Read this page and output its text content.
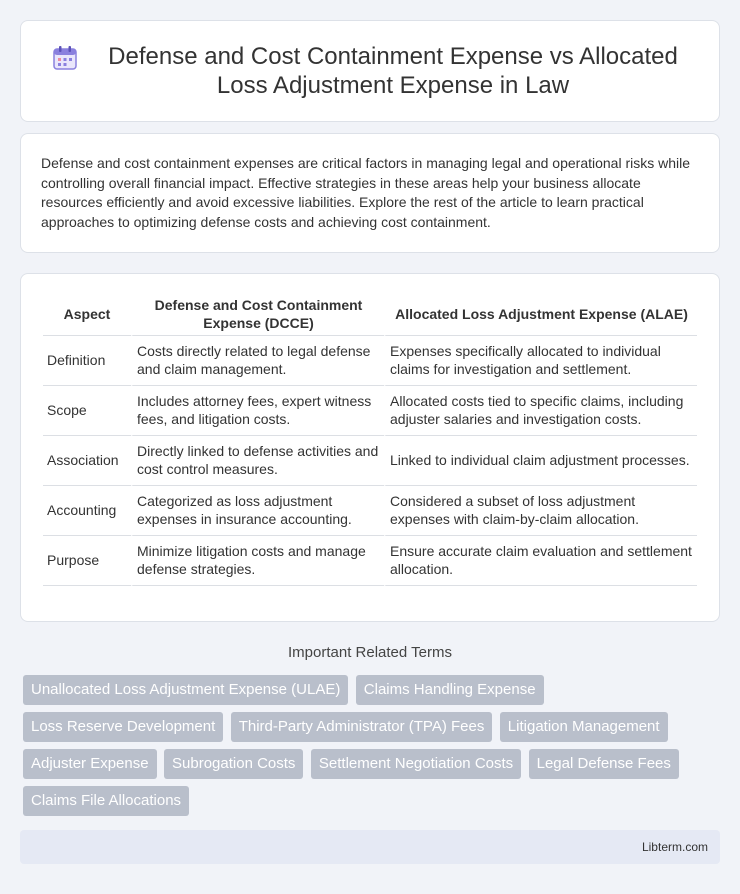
Defense and Cost Containment Expense vs Allocated Loss Adjustment Expense in Law

Defense and cost containment expenses are critical factors in managing legal and operational risks while controlling overall financial impact. Effective strategies in these areas help your business allocate resources efficiently and avoid excessive liabilities. Explore the rest of the article to learn practical approaches to optimizing defense costs and achieving cost containment.

Aspect	Defense and Cost Containment Expense (DCCE)	Allocated Loss Adjustment Expense (ALAE)
Definition	Costs directly related to legal defense and claim management.	Expenses specifically allocated to individual claims for investigation and settlement.
Scope	Includes attorney fees, expert witness fees, and litigation costs.	Allocated costs tied to specific claims, including adjuster salaries and investigation costs.
Association	Directly linked to defense activities and cost control measures.	Linked to individual claim adjustment processes.
Accounting	Categorized as loss adjustment expenses in insurance accounting.	Considered a subset of loss adjustment expenses with claim-by-claim allocation.
Purpose	Minimize litigation costs and manage defense strategies.	Ensure accurate claim evaluation and settlement allocation.
Important Related Terms
Unallocated Loss Adjustment Expense (ULAE) Claims Handling Expense Loss Reserve Development Third-Party Administrator (TPA) Fees Litigation Management Adjuster Expense Subrogation Costs Settlement Negotiation Costs Legal Defense Fees Claims File Allocations
Libterm.com
